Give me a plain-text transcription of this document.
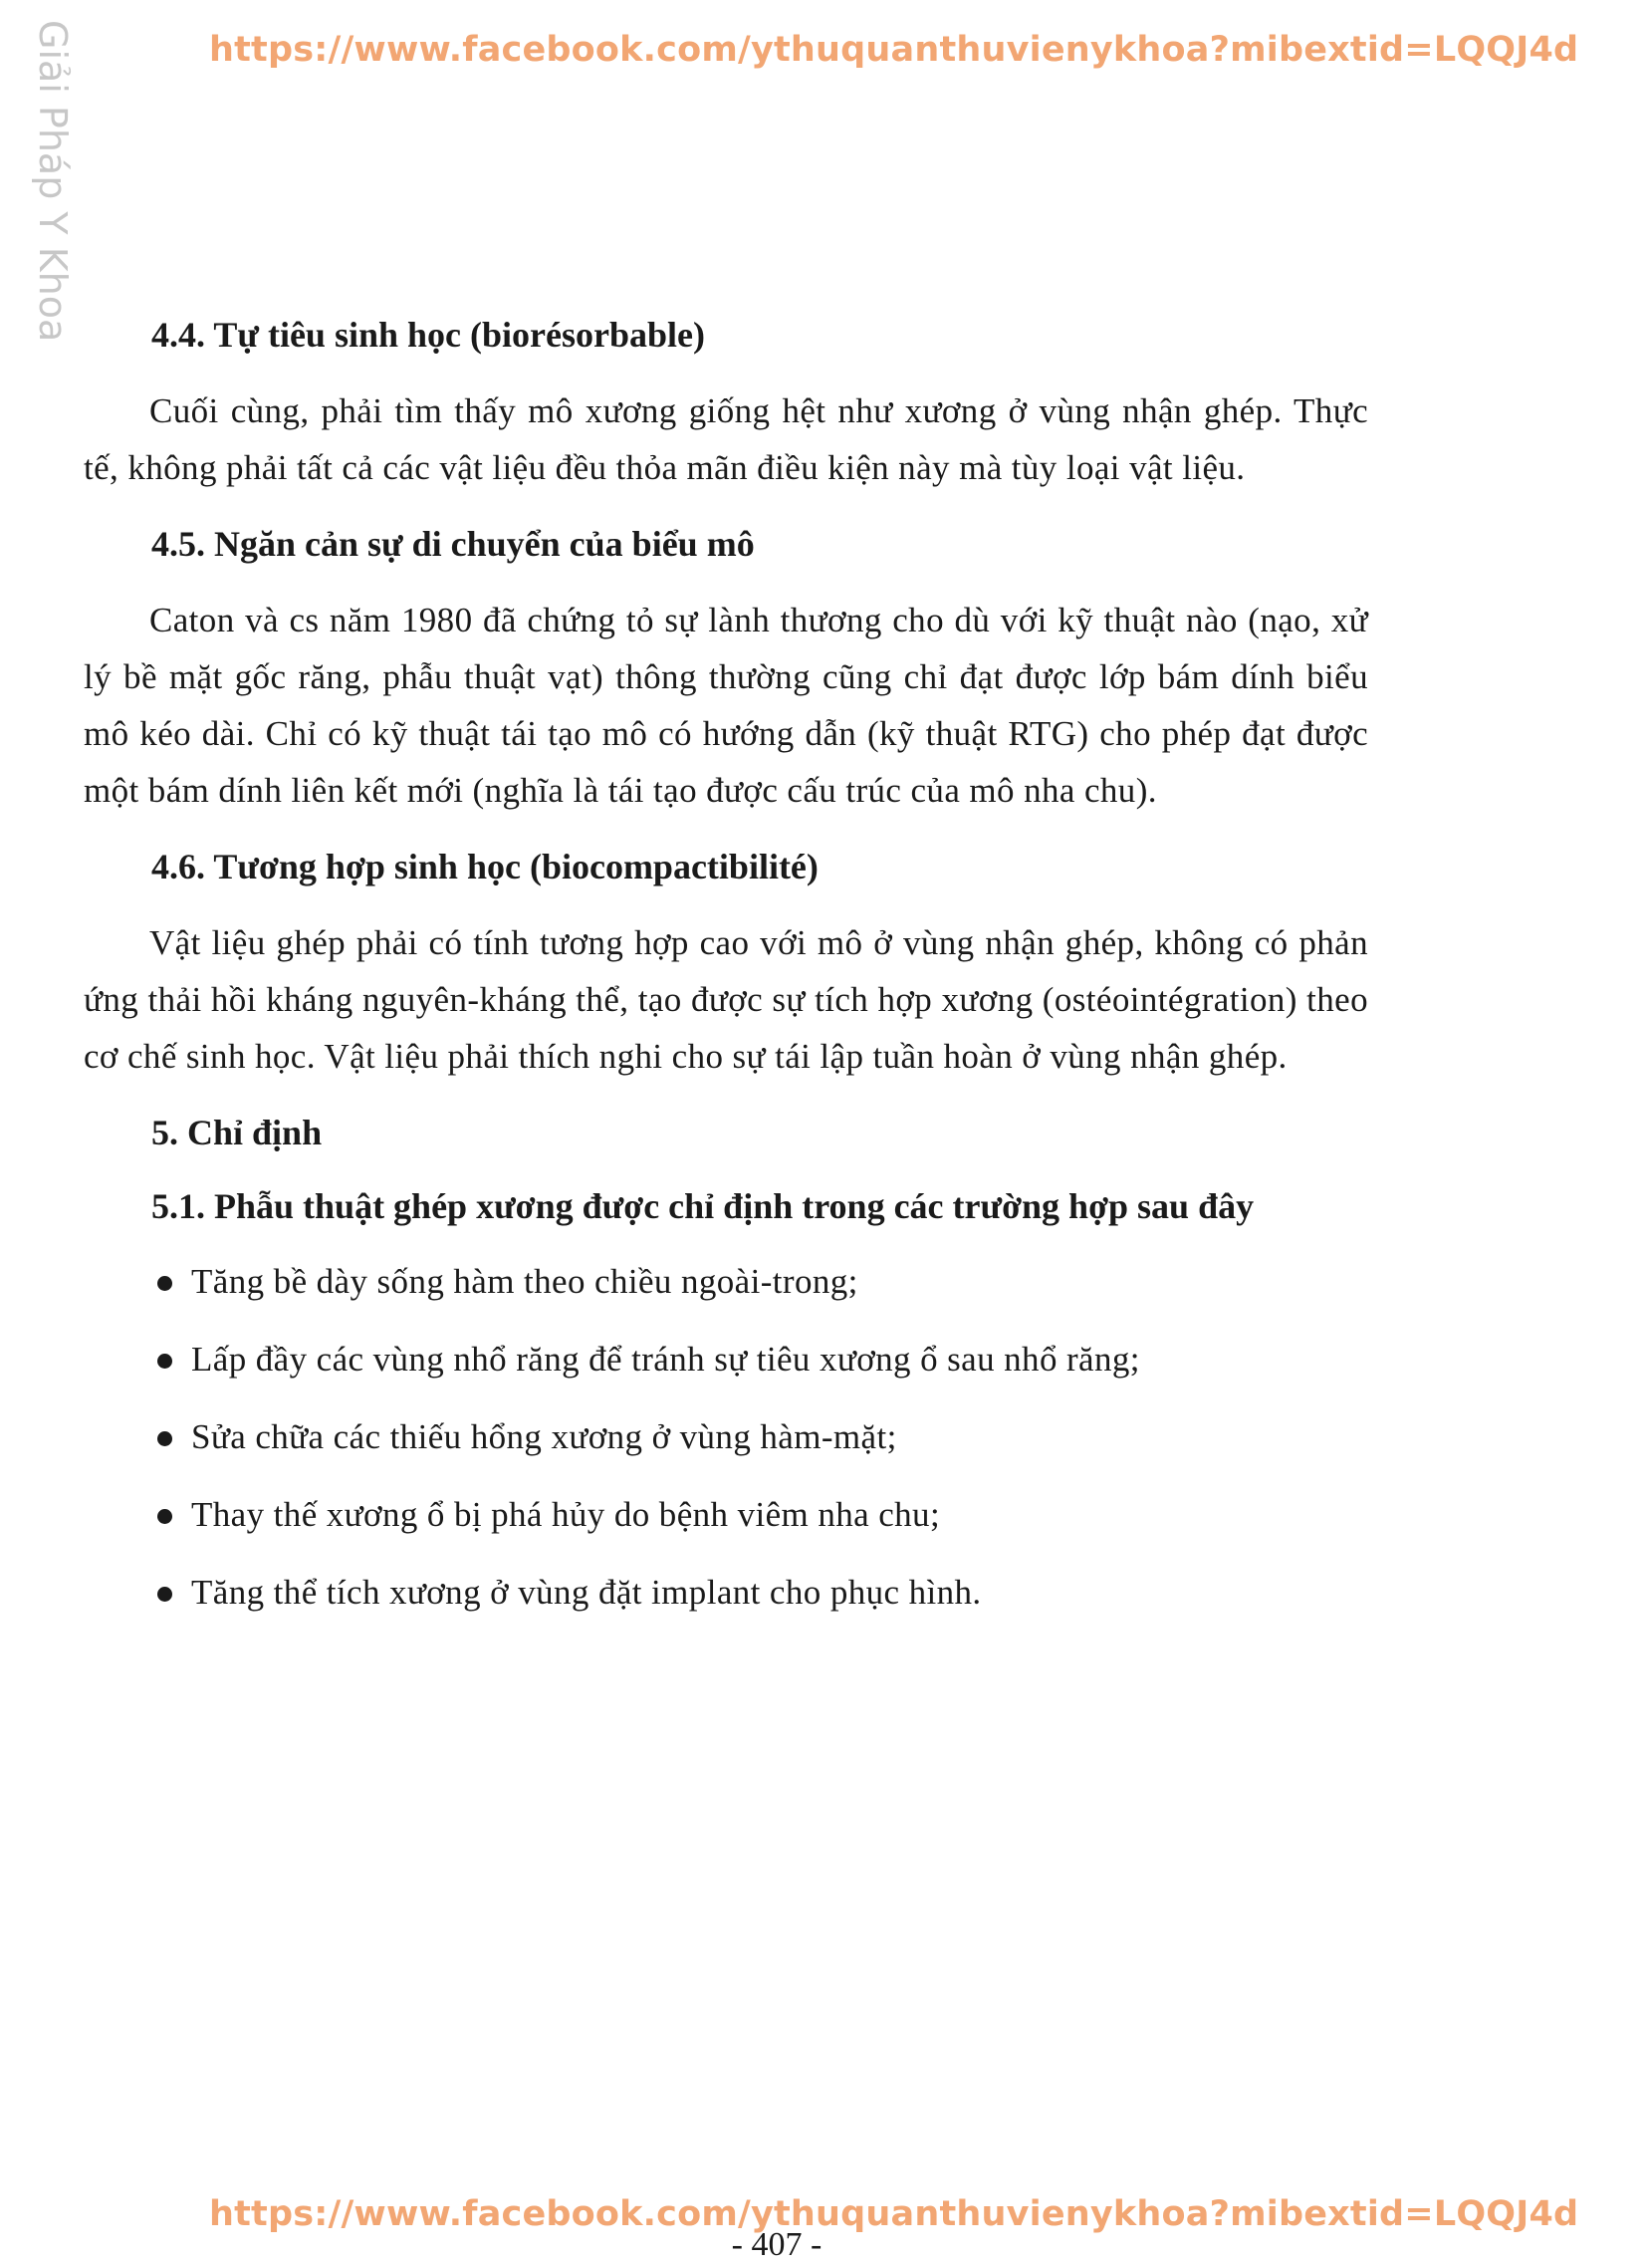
https://www.facebook.com/ythuquanthuvienykhoa?mibextid=LQQJ4d
Giải Pháp Y Khoa 4.4. Tự tiêu sinh học (biorésorbable)

Cuối cùng, phải tìm thấy mô xương giống hệt như xương ở vùng nhận ghép. Thực tế, không phải tất cả các vật liệu đều thỏa mãn điều kiện này mà tùy loại vật liệu.

4.5. Ngăn cản sự di chuyển của biểu mô

Caton và cs năm 1980 đã chứng tỏ sự lành thương cho dù với kỹ thuật nào (nạo, xử lý bề mặt gốc răng, phẫu thuật vạt) thông thường cũng chỉ đạt được lớp bám dính biểu mô kéo dài. Chỉ có kỹ thuật tái tạo mô có hướng dẫn (kỹ thuật RTG) cho phép đạt được một bám dính liên kết mới (nghĩa là tái tạo được cấu trúc của mô nha chu).

4.6. Tương hợp sinh học (biocompactibilité)

Vật liệu ghép phải có tính tương hợp cao với mô ở vùng nhận ghép, không có phản ứng thải hồi kháng nguyên-kháng thể, tạo được sự tích hợp xương (ostéointégration) theo cơ chế sinh học. Vật liệu phải thích nghi cho sự tái lập tuần hoàn ở vùng nhận ghép.

5. Chỉ định
5.1. Phẫu thuật ghép xương được chỉ định trong các trường hợp sau đây
Tăng bề dày sống hàm theo chiều ngoài-trong;
Lấp đầy các vùng nhổ răng để tránh sự tiêu xương ổ sau nhổ răng;
Sửa chữa các thiếu hổng xương ở vùng hàm-mặt;
Thay thế xương ổ bị phá hủy do bệnh viêm nha chu;
Tăng thể tích xương ở vùng đặt implant cho phục hình.
https://www.facebook.com/ythuquanthuvienykhoa?mibextid=LQQJ4d
- 407 -
